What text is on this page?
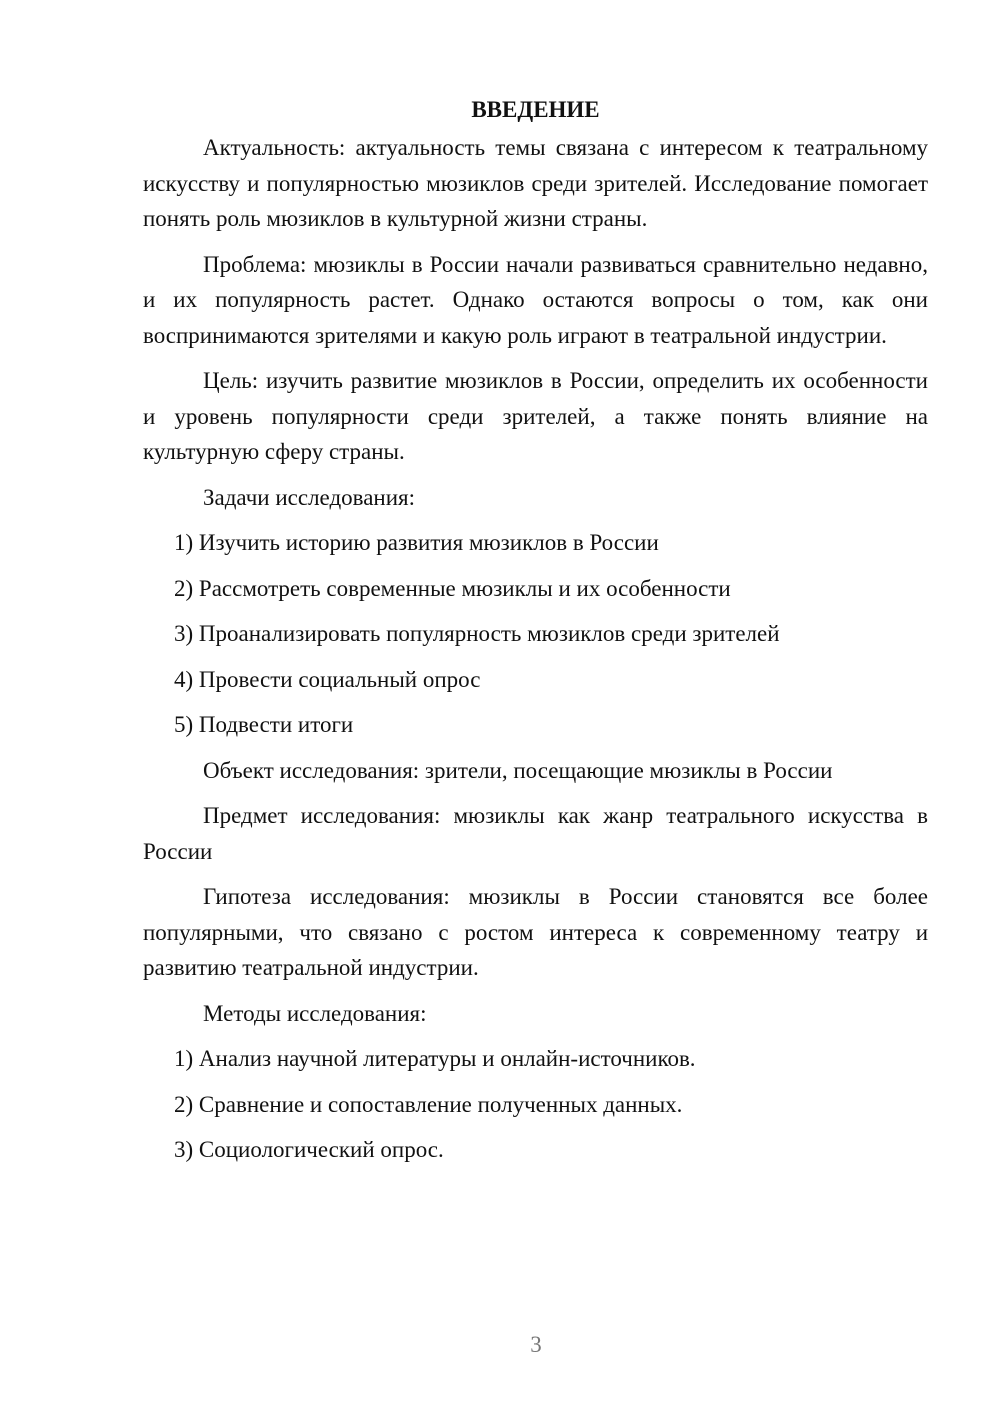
ВВЕДЕНИЕ

Актуальность: актуальность темы связана с интересом к театральному искусству и популярностью мюзиклов среди зрителей. Исследование помогает понять роль мюзиклов в культурной жизни страны.

Проблема: мюзиклы в России начали развиваться сравнительно недавно, и их популярность растет. Однако остаются вопросы о том, как они воспринимаются зрителями и какую роль играют в театральной индустрии.

Цель: изучить развитие мюзиклов в России, определить их особенности и уровень популярности среди зрителей, а также понять влияние на культурную сферу страны.

Задачи исследования:
1) Изучить историю развития мюзиклов в России
2) Рассмотреть современные мюзиклы и их особенности
3) Проанализировать популярность мюзиклов среди зрителей
4) Провести социальный опрос
5) Подвести итоги
Объект исследования: зрители, посещающие мюзиклы в России

Предмет исследования: мюзиклы как жанр театрального искусства в России

Гипотеза исследования: мюзиклы в России становятся все более популярными, что связано с ростом интереса к современному театру и развитию театральной индустрии.

Методы исследования:
1) Анализ научной литературы и онлайн-источников.
2) Сравнение и сопоставление полученных данных.
3) Социологический опрос.
3
